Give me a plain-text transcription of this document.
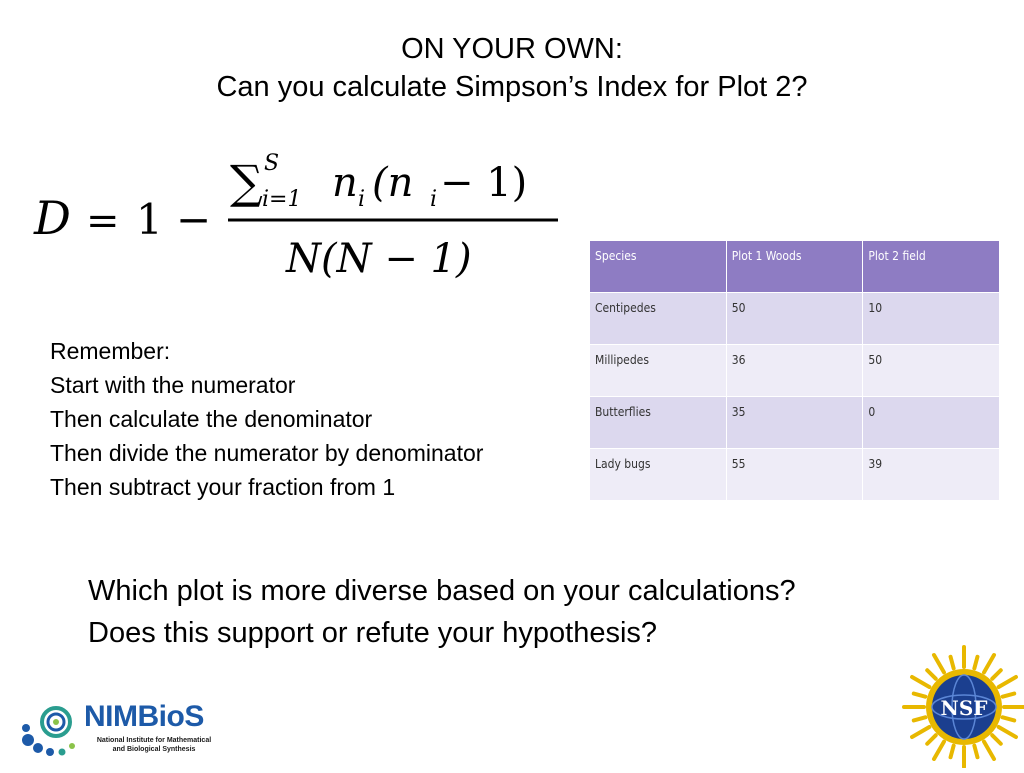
ON YOUR OWN:
Can you calculate Simpson’s Index for Plot 2?
D = 1 −
∑ S
i=1 n i (n i − 1)
N(N − 1)
Remember:
Start with the numerator
Then calculate the denominator
Then divide the numerator by denominator
Then subtract your fraction from 1
Species	Plot 1 Woods	Plot 2 field
Centipedes	50	10
Millipedes	36	50
Butterflies	35	0
Lady bugs	55	39
Which plot is more diverse based on your calculations?
Does this support or refute your hypothesis?
NIMBioS
National Institute for Mathematical
and Biological Synthesis
NSF
